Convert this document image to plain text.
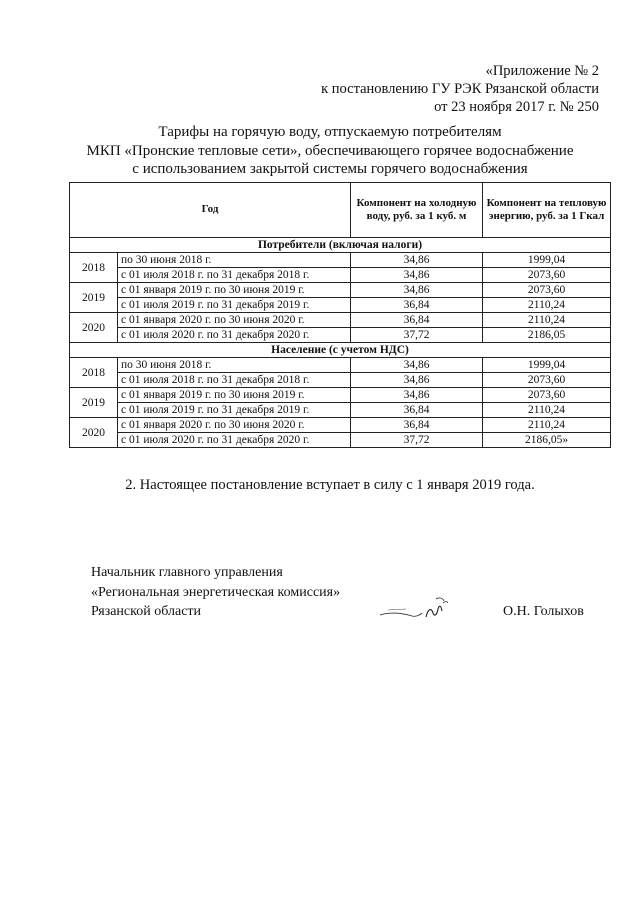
«Приложение № 2
к постановлению ГУ РЭК Рязанской области
от 23 ноября 2017 г. № 250
Тарифы на горячую воду, отпускаемую потребителям
МКП «Пронские тепловые сети», обеспечивающего горячее водоснабжение
с использованием закрытой системы горячего водоснабжения
Год		Компонент на холодную воду, руб. за 1 куб. м	Компонент на тепловую энергию, руб. за 1 Гкал
Потребители (включая налоги)			
2018	по 30 июня 2018 г.	34,86	1999,04
	с 01 июля 2018 г. по 31 декабря 2018 г.	34,86	2073,60
2019	с 01 января 2019 г. по 30 июня 2019 г.	34,86	2073,60
	с 01 июля 2019 г. по 31 декабря 2019 г.	36,84	2110,24
2020	с 01 января 2020 г. по 30 июня 2020 г.	36,84	2110,24
	с 01 июля 2020 г. по 31 декабря 2020 г.	37,72	2186,05
Население (с учетом НДС)			
2018	по 30 июня 2018 г.	34,86	1999,04
	с 01 июля 2018 г. по 31 декабря 2018 г.	34,86	2073,60
2019	с 01 января 2019 г. по 30 июня 2019 г.	34,86	2073,60
	с 01 июля 2019 г. по 31 декабря 2019 г.	36,84	2110,24
2020	с 01 января 2020 г. по 30 июня 2020 г.	36,84	2110,24
	с 01 июля 2020 г. по 31 декабря 2020 г.	37,72	2186,05»
2. Настоящее постановление вступает в силу с 1 января 2019 года.
Начальник главного управления
«Региональная энергетическая комиссия»
Рязанской области	О.Н. Голыхов
